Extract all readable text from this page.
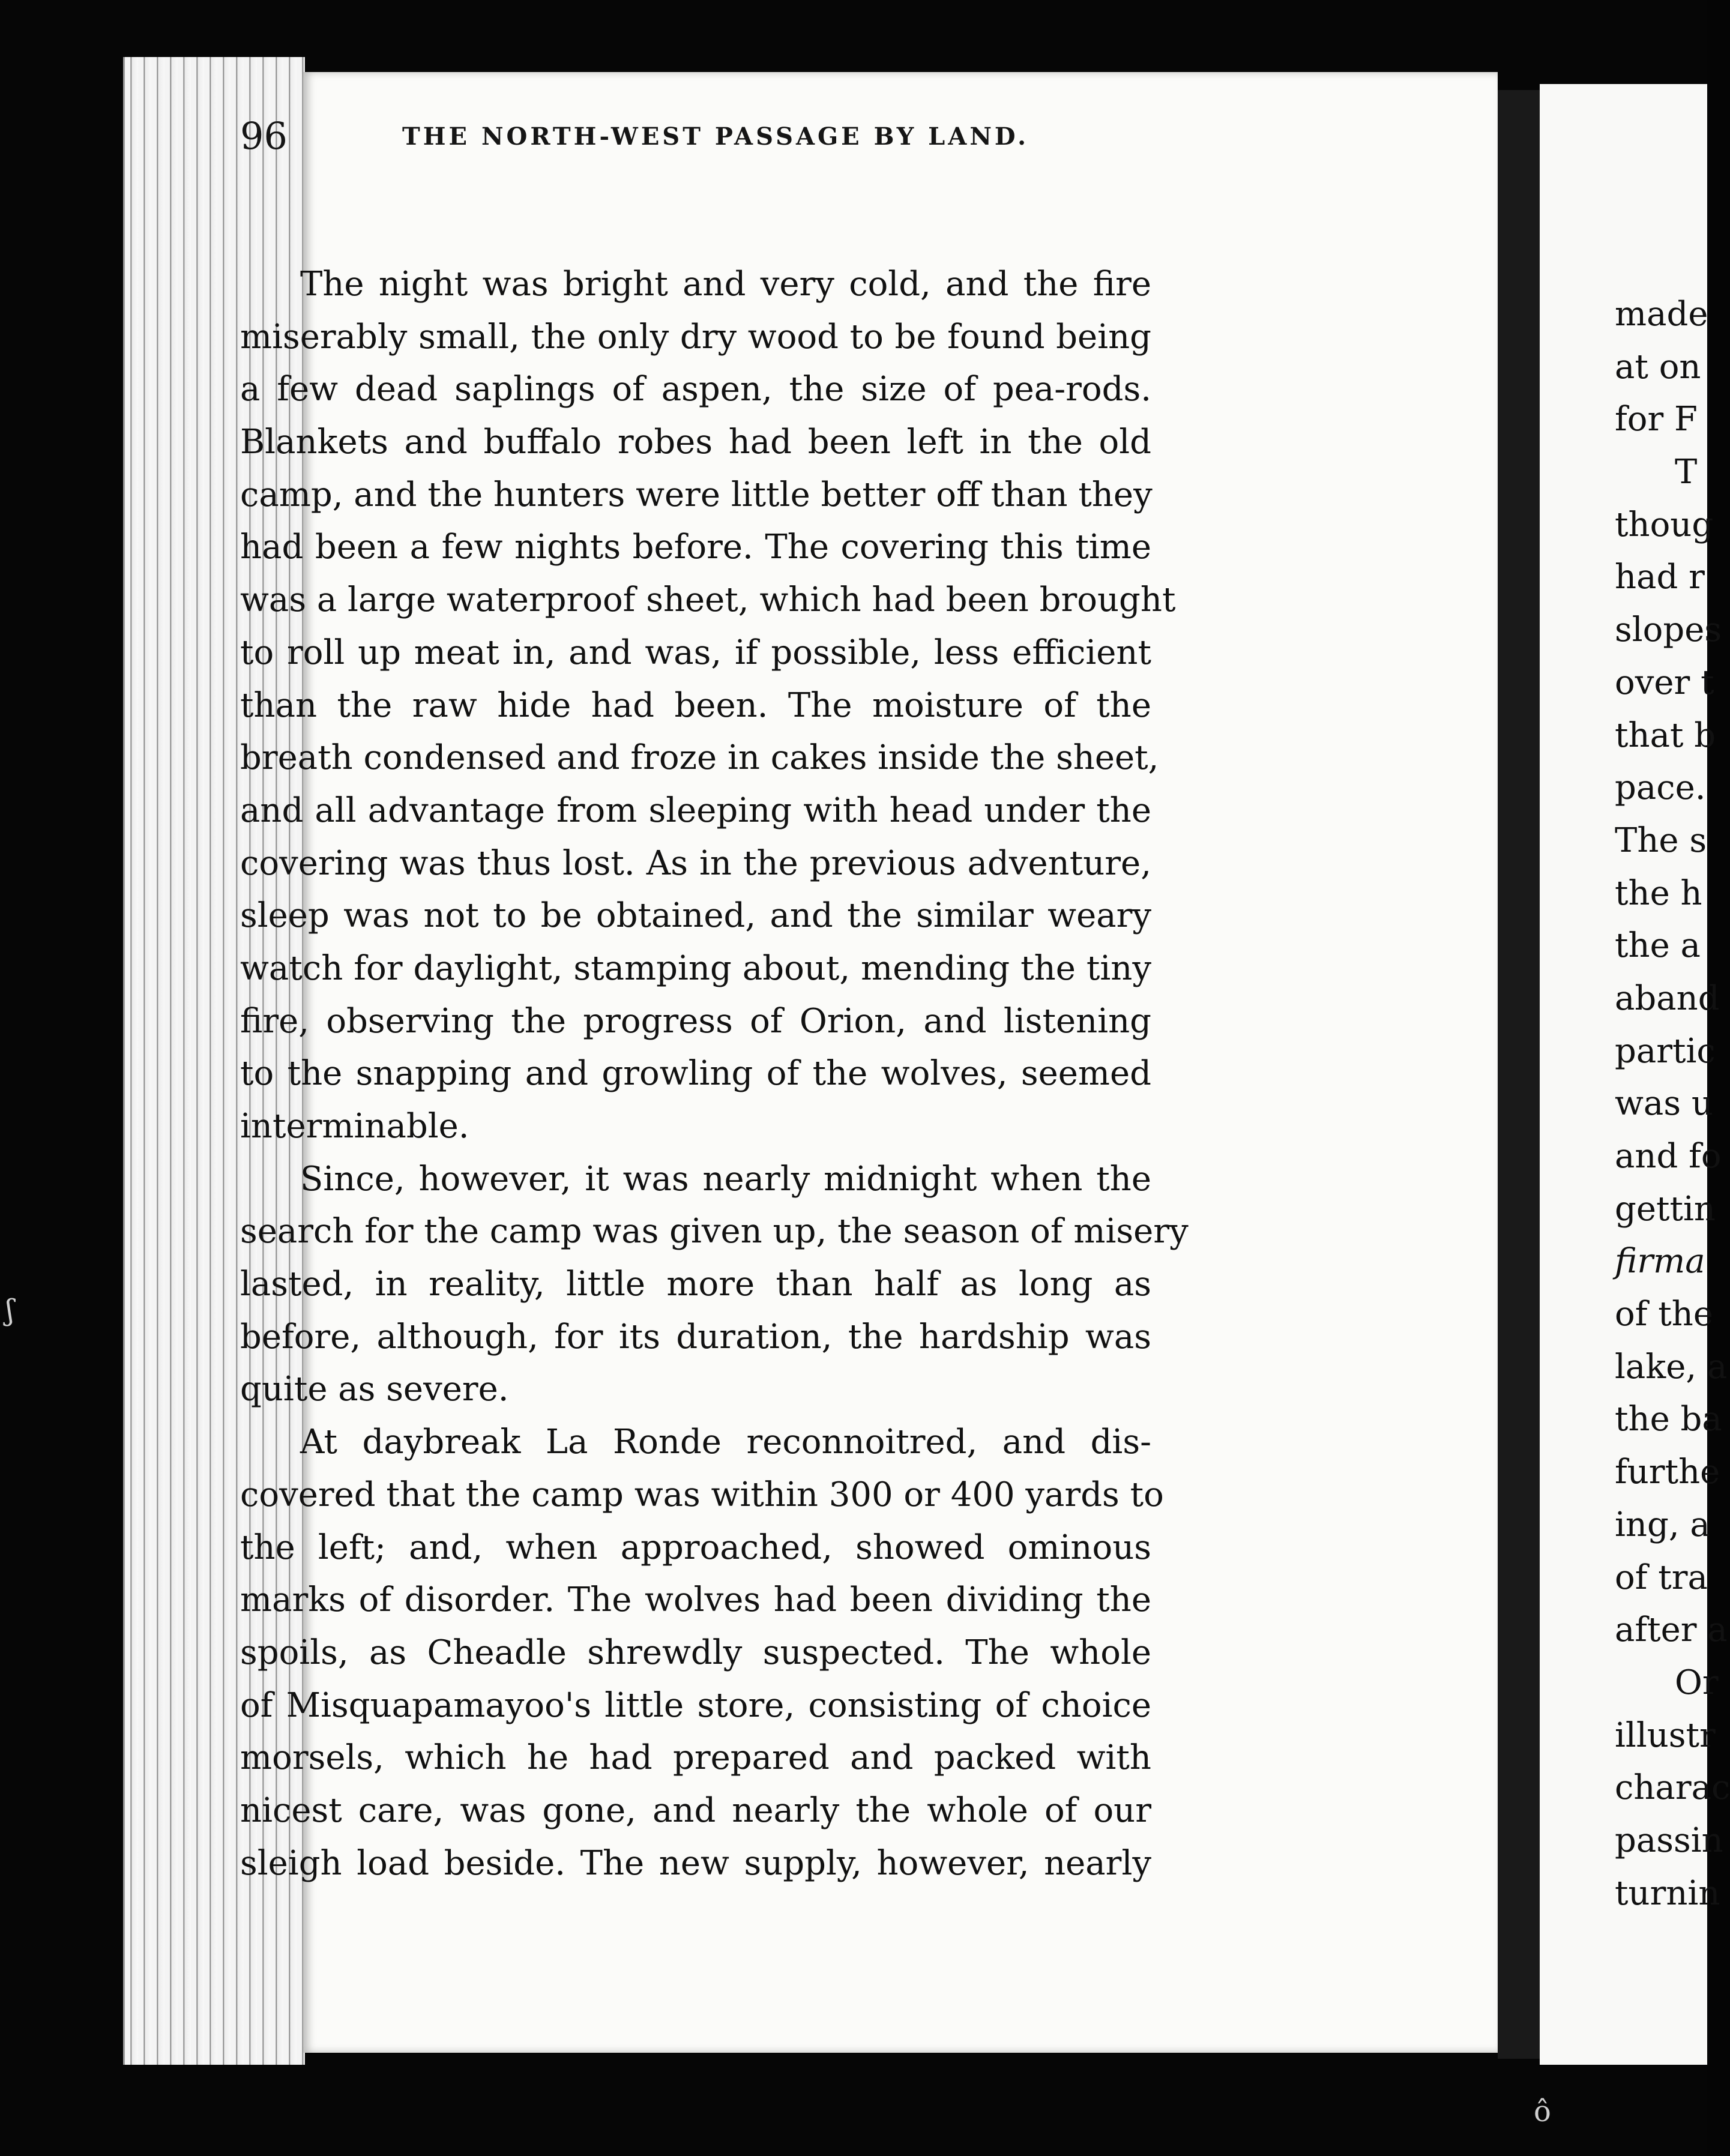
96	THE NORTH-WEST PASSAGE BY LAND.
The night was bright and very cold, and the fire
miserably small, the only dry wood to be found being
a few dead saplings of aspen, the size of pea-rods.
Blankets and buffalo robes had been left in the old
camp, and the hunters were little better off than they
had been a few nights before. The covering this time
was a large waterproof sheet, which had been brought
to roll up meat in, and was, if possible, less efficient
than the raw hide had been. The moisture of the
breath condensed and froze in cakes inside the sheet,
and all advantage from sleeping with head under the
covering was thus lost. As in the previous adventure,
sleep was not to be obtained, and the similar weary
watch for daylight, stamping about, mending the tiny
fire, observing the progress of Orion, and listening
to the snapping and growling of the wolves, seemed
interminable.
Since, however, it was nearly midnight when the
search for the camp was given up, the season of misery
lasted, in reality, little more than half as long as
before, although, for its duration, the hardship was
quite as severe.
At daybreak La Ronde reconnoitred, and dis-
covered that the camp was within 300 or 400 yards to
the left; and, when approached, showed ominous
marks of disorder. The wolves had been dividing the
spoils, as Cheadle shrewdly suspected. The whole
of Misquapamayoo's little store, consisting of choice
morsels, which he had prepared and packed with
nicest care, was gone, and nearly the whole of our
sleigh load beside. The new supply, however, nearly
made
at on
for F
T
thoug
had r
slopes
over t
that b
pace.
The s
the h
the a
aband
partic
was u
and fo
gettin
firma
of the
lake, a
the ba
furthe
ing, a
of tra
after a
Or
illustr
charac
passin
turnin
ʃ
ô
